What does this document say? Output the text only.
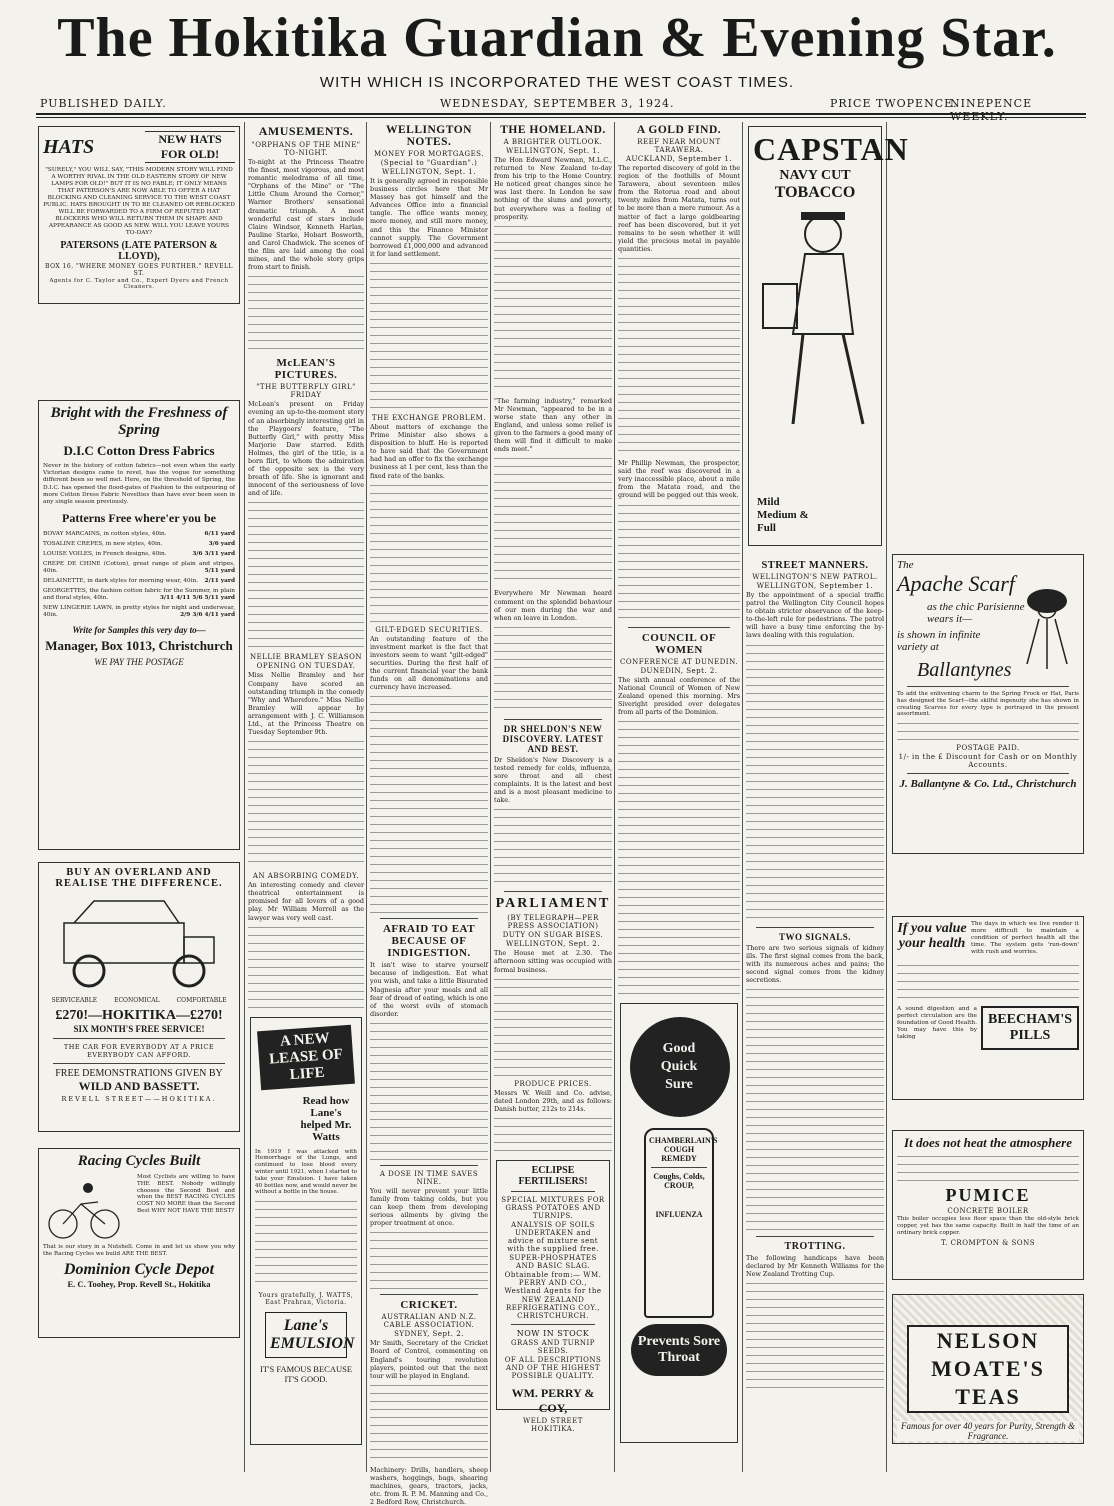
The Hokitika Guardian & Evening Star.
WITH WHICH IS INCORPORATED THE WEST COAST TIMES.
PUBLISHED DAILY.	WEDNESDAY, SEPTEMBER 3, 1924.	PRICE TWOPENCE.
NINEPENCE WEEKLY.
HATS	NEW HATS FOR OLD!
"SURELY," YOU WILL SAY, "THIS MODERN STORY WILL FIND A WORTHY RIVAL IN THE OLD EASTERN STORY OF NEW LAMPS FOR OLD!" BUT IT IS NO FABLE; IT ONLY MEANS THAT PATERSON'S ARE NOW ABLE TO OFFER A HAT BLOCKING AND CLEANING SERVICE TO THE WEST COAST PUBLIC. HATS BROUGHT IN TO BE CLEANED OR REBLOCKED WILL BE FORWARDED TO A FIRM OF REPUTED HAT BLOCKERS WHO WILL RETURN THEM IN SHAPE AND APPEARANCE AS GOOD AS NEW. WILL YOU LEAVE YOURS TO-DAY?
PATERSONS (LATE PATERSON & LLOYD),
BOX 16. "WHERE MONEY GOES FURTHER." REVELL ST.
Agents for C. Taylor and Co., Expert Dyers and French Cleaners.
Bright with the Freshness of Spring
D.I.C Cotton Dress Fabrics
Never in the history of cotton fabrics—not even when the early Victorian designs came to revel, has the vogue for something different been so well met. Here, on the threshold of Spring, the D.I.C. has opened the flood-gates of Fashion to the outpouring of more Cotton Dress Fabric Novelties than have ever been seen in any single season previously.
Patterns Free where'er you be
BOVAY MARCAINS, in cotton styles, 40in.	6/11 yard
TOSALINE CREPES, in new styles, 40in.	3/6 yard
LOUISE VOILES, in French designs, 40in.	3/6 3/11 yard
CREPE DE CHINE (Cotton), great range of plain and stripes, 40in.	5/11 yard
DELAINETTE, in dark styles for morning wear, 40in. 2/11 yard
GEORGETTES, the fashion cotton fabric for the Summer, in plain and floral styles, 40in.	3/11 4/11 5/6 5/11 yard
NEW LINGERIE LAWN, in pretty styles for night and underwear, 40in.	2/9 3/6 4/11 yard
Write for Samples this very day to—
Manager, Box 1013, Christchurch
WE PAY THE POSTAGE
BUY AN OVERLAND AND REALISE THE DIFFERENCE.
SERVICEABLE	ECONOMICAL	COMFORTABLE
£270!—HOKITIKA—£270!
SIX MONTH'S FREE SERVICE!
THE CAR FOR EVERYBODY AT A PRICE EVERYBODY CAN AFFORD.
FREE DEMONSTRATIONS GIVEN BY
WILD AND BASSETT.
REVELL STREET——HOKITIKA.
Racing Cycles Built
Most Cyclists are willing to have THE BEST. Nobody willingly chooses the Second Best and when the BEST RACING CYCLES COST NO MORE than the Second Best WHY NOT HAVE THE BEST?
That is our story in a Nutshell. Come in and let us show you why the Racing Cycles we build ARE THE BEST.
Dominion Cycle Depot
E. C. Toohey, Prop. Revell St., Hokitika
AMUSEMENTS.
"ORPHANS OF THE MINE" TO-NIGHT.

To-night at the Princess Theatre the finest, most vigorous, and most romantic melodrama of all time, "Orphans of the Mine" or "The Little Chum Around the Corner," Warner Brothers' sensational dramatic triumph. A most wonderful cast of stars include Claire Windsor, Kenneth Harlan, Pauline Starke, Hobart Bosworth, and Carol Chadwick. The scenes of the film are laid among the coal mines, and the whole story grips from start to finish.

McLEAN'S PICTURES.
"THE BUTTERFLY GIRL" FRIDAY

McLean's present on Friday evening an up-to-the-moment story of an absorbingly interesting girl in the Playgoers' feature, "The Butterfly Girl," with pretty Miss Marjorie Daw starred. Edith Holmes, the girl of the title, is a born flirt, to whom the admiration of the opposite sex is the very breath of life. She is ignorant and innocent of the seriousness of love and of life.

NELLIE BRAMLEY SEASON
OPENING ON TUESDAY.

Miss Nellie Bramley and her Company have scored an outstanding triumph in the comedy "Why and Wherefore." Miss Nellie Bramley will appear by arrangement with J. C. Williamson Ltd., at the Princess Theatre on Tuesday September 9th.

AN ABSORBING COMEDY.

An interesting comedy and clever theatrical entertainment is promised for all lovers of a good play. Mr William Morrell as the lawyer was very well cast.

A NEW LEASE OF LIFE
Read how Lane's helped Mr. Watts
In 1919 I was attacked with Hemorrhage of the Lungs, and continued to lose blood every winter until 1921, when I started to take your Emulsion. I have taken 40 bottles now, and would never be without a bottle in the house.
Yours gratefully, J. WATTS, East Prahran, Victoria.
Lane's EMULSION
IT'S FAMOUS BECAUSE IT'S GOOD.
WELLINGTON NOTES.
MONEY FOR MORTGAGES.
(Special to "Guardian".)
WELLINGTON, Sept. 1.

It is generally agreed in responsible business circles here that Mr Massey has got himself and the Advances Office into a financial tangle. The office wants money, more money, and still more money, and this the Finance Minister cannot supply. The Government borrowed £1,000,000 and advanced it for land settlement.

THE EXCHANGE PROBLEM.

About matters of exchange the Prime Minister also shows a disposition to bluff. He is reported to have said that the Government had had an offer to fix the exchange business at 1 per cent, less than the fixed rate of the banks.

GILT-EDGED SECURITIES.

An outstanding feature of the investment market is the fact that investors seem to want "gilt-edged" securities. During the first half of the current financial year the bank funds on all denominations and currency have increased.

AFRAID TO EAT BECAUSE OF INDIGESTION.

It isn't wise to starve yourself because of indigestion. Eat what you wish, and take a little Bisurated Magnesia after your meals and all fear of dread of eating, which is one of the worst evils of stomach disorder.

A DOSE IN TIME SAVES NINE.

You will never prevent your little family from taking colds, but you can keep them from developing serious ailments by giving the proper treatment at once.

CRICKET.
AUSTRALIAN AND N.Z. CABLE ASSOCIATION.
SYDNEY, Sept. 2.

Mr Smith, Secretary of the Cricket Board of Control, commenting on England's touring revolution players, pointed out that the next tour will be played in England.

Machinery: Drills, handlers, sheep washers, hoggings, bags, shearing machines, gears, tractors, jacks, etc. from R. P. M. Manning and Co., 2 Bedford Row, Christchurch.

THE HOMELAND.
A BRIGHTER OUTLOOK.
WELLINGTON, Sept. 1.

The Hon Edward Newman, M.L.C., returned to New Zealand to-day from his trip to the Home Country. He noticed great changes since he was last there. In London he saw nothing of the slums and poverty, but everywhere was a feeling of prosperity.

"The farming industry," remarked Mr Newman, "appeared to be in a worse state than any other in England, and unless some relief is given to the farmers a good many of them will find it difficult to make ends meet."

Everywhere Mr Newman heard comment on the splendid behaviour of our men during the war and when on leave in London.

DR SHELDON'S NEW DISCOVERY. LATEST AND BEST.

Dr Sheldon's New Discovery is a tested remedy for colds, influenza, sore throat and all chest complaints. It is the latest and best and is a most pleasant medicine to take.

PARLIAMENT
(BY TELEGRAPH—PER PRESS ASSOCIATION)
DUTY ON SUGAR BISES.
WELLINGTON, Sept. 2.

The House met at 2.30. The afternoon sitting was occupied with formal business.

PRODUCE PRICES.

Messrs W. Weill and Co. advise, dated London 29th, and as follows: Danish butter, 212s to 214s.

ECLIPSE FERTILISERS!
SPECIAL MIXTURES FOR GRASS POTATOES AND TURNIPS.
ANALYSIS OF SOILS UNDERTAKEN and advice of mixture sent with the supplied free.
SUPER-PHOSPHATES AND BASIC SLAG.
Obtainable from:— WM. PERRY AND CO., Westland Agents for the
NEW ZEALAND REFRIGERATING COY., CHRISTCHURCH.
NOW IN STOCK
GRASS AND TURNIP SEEDS.
OF ALL DESCRIPTIONS AND OF THE HIGHEST POSSIBLE QUALITY.
WM. PERRY & COY,
WELD STREET HOKITIKA.
A GOLD FIND.
REEF NEAR MOUNT TARAWERA.
AUCKLAND, September 1.

The reported discovery of gold in the region of the foothills of Mount Tarawera, about seventeen miles from the Rotorua road and about twenty miles from Matata, turns out to be more than a mere rumour. As a matter of fact a large goldbearing reef has been discovered, but it yet remains to be seen whether it will yield the precious metal in payable quantities.

Mr Phillip Newman, the prospector, said the reef was discovered in a very inaccessible place, about a mile from the Matata road, and the ground will be pegged out this week.

COUNCIL OF WOMEN
CONFERENCE AT DUNEDIN.
DUNEDIN, Sept. 2.

The sixth annual conference of the National Council of Women of New Zealand opened this morning. Mrs Siveright presided over delegates from all parts of the Dominion.

Good Quick Sure
CHAMBERLAIN'S COUGH REMEDY
Coughs, Colds, CROUP,
INFLUENZA
Prevents Sore Throat
CAPSTAN
NAVY CUT
TOBACCO
Mild Medium & Full
STREET MANNERS.
WELLINGTON'S NEW PATROL.
WELLINGTON, September 1.

By the appointment of a special traffic patrol the Wellington City Council hopes to obtain stricter observance of the keep-to-the-left rule for pedestrians. The patrol will have a busy time enforcing the by-laws dealing with this regulation.

TWO SIGNALS.

There are two serious signals of kidney ills. The first signal comes from the back, with its numerous aches and pains; the second signal comes from the kidney secretions.

TROTTING.

The following handicaps have been declared by Mr Kenneth Williams for the New Zealand Trotting Cup.

The
Apache Scarf
as the chic Parisienne wears it—
is shown in infinite variety at
Ballantynes
To add the enlivening charm to the Spring Frock or Hat, Paris has designed the Scarf—the skilful ingenuity she has shown in creating Scarves for every type is portrayed in the present assortment.
POSTAGE PAID.
1/- in the £ Discount for Cash or on Monthly Accounts.
J. Ballantyne & Co. Ltd., Christchurch
If you value your health
The days in which we live render it more difficult to maintain a condition of perfect health all the time. The system gets 'run-down' with rush and worries.
A sound digestion and a perfect circulation are the foundation of Good Health. You may have this by taking
BEECHAM'S PILLS
It does not heat the atmosphere
PUMICE
CONCRETE BOILER
This boiler occupies less floor space than the old-style brick copper, yet has the same capacity. Built in half the time of an ordinary brick copper.
T. CROMPTON & SONS
NELSON MOATE'S TEAS
Famous for over 40 years for Purity, Strength & Fragrance.
